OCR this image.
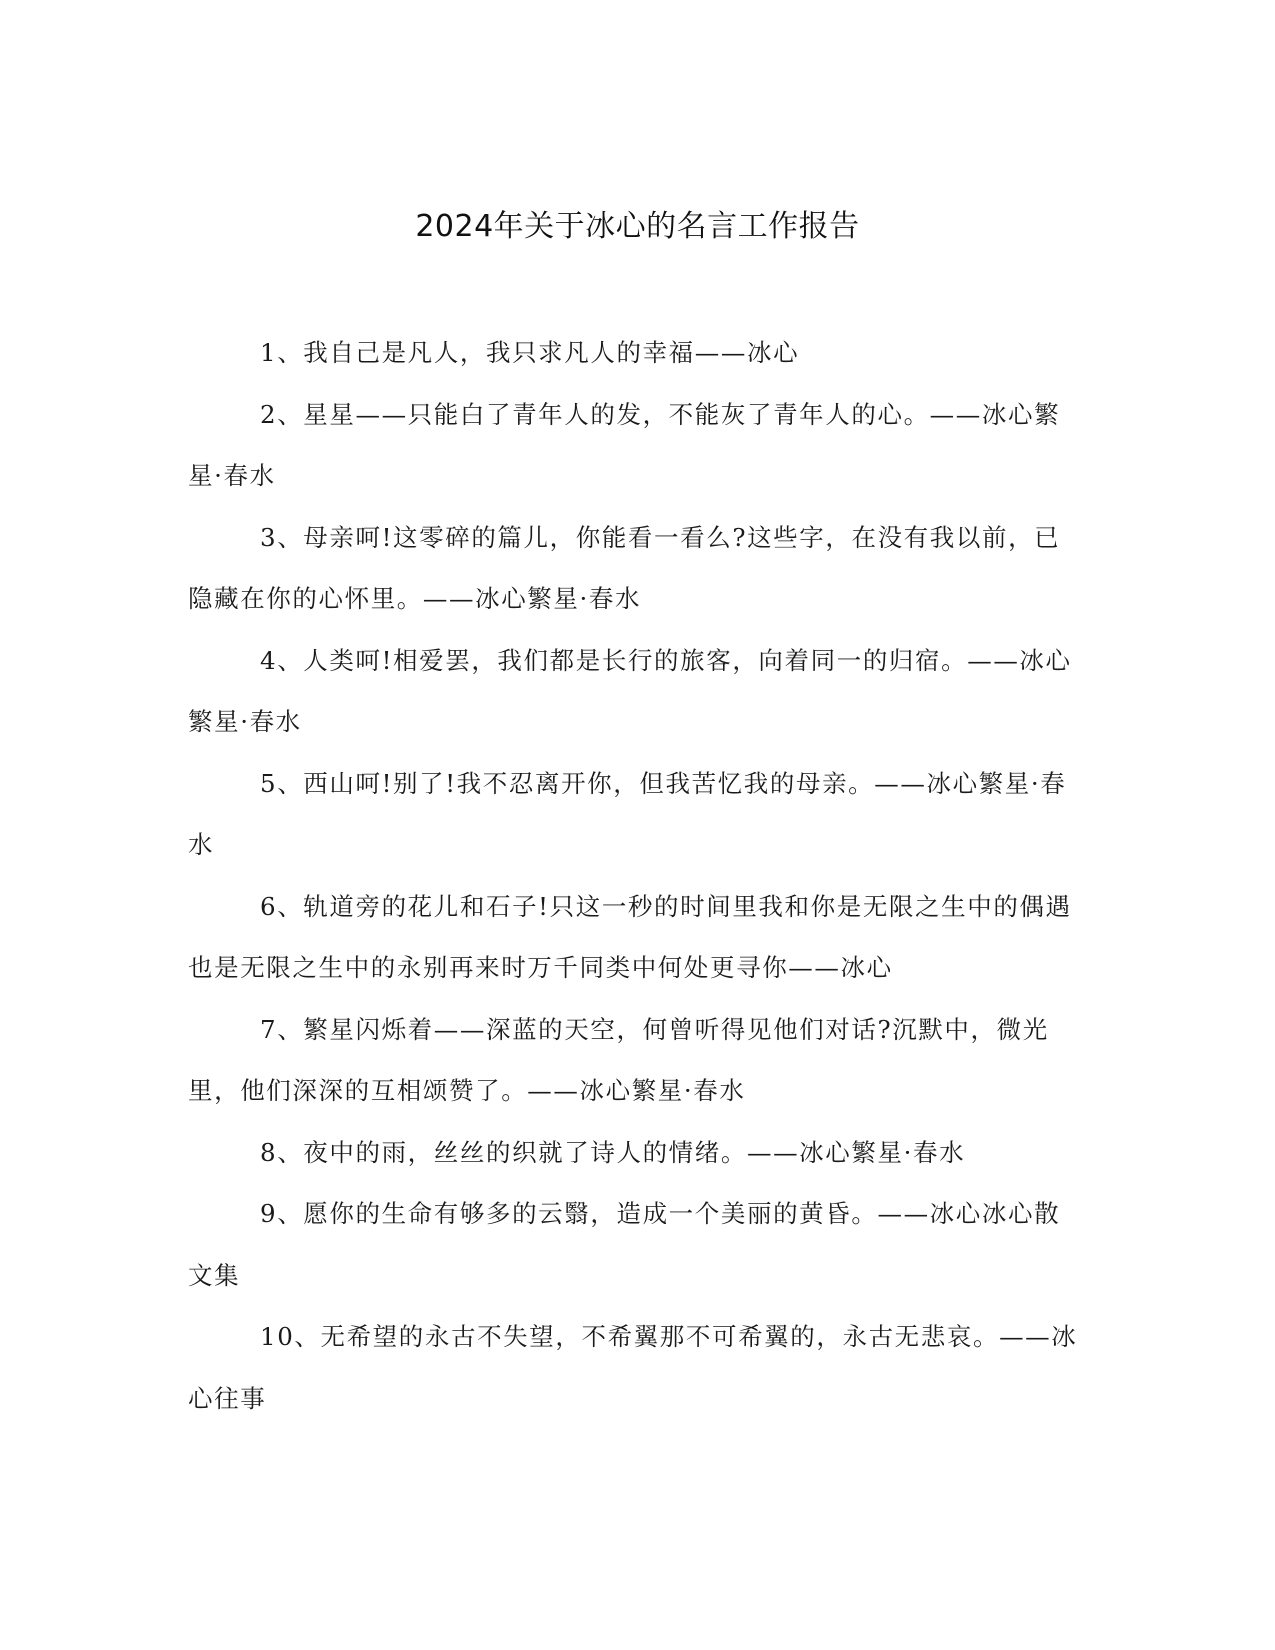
2024年关于冰心的名言工作报告

1、我自己是凡人，我只求凡人的幸福——冰心

2、星星——只能白了青年人的发，不能灰了青年人的心。——冰心繁星·春水

3、母亲呵!这零碎的篇儿，你能看一看么?这些字，在没有我以前，已隐藏在你的心怀里。——冰心繁星·春水

4、人类呵!相爱罢，我们都是长行的旅客，向着同一的归宿。——冰心繁星·春水

5、西山呵!别了!我不忍离开你，但我苦忆我的母亲。——冰心繁星·春水

6、轨道旁的花儿和石子!只这一秒的时间里我和你是无限之生中的偶遇也是无限之生中的永别再来时万千同类中何处更寻你——冰心

7、繁星闪烁着——深蓝的天空，何曾听得见他们对话?沉默中，微光里，他们深深的互相颂赞了。——冰心繁星·春水

8、夜中的雨，丝丝的织就了诗人的情绪。——冰心繁星·春水

9、愿你的生命有够多的云翳，造成一个美丽的黄昏。——冰心冰心散文集

10、无希望的永古不失望，不希翼那不可希翼的，永古无悲哀。——冰心往事
